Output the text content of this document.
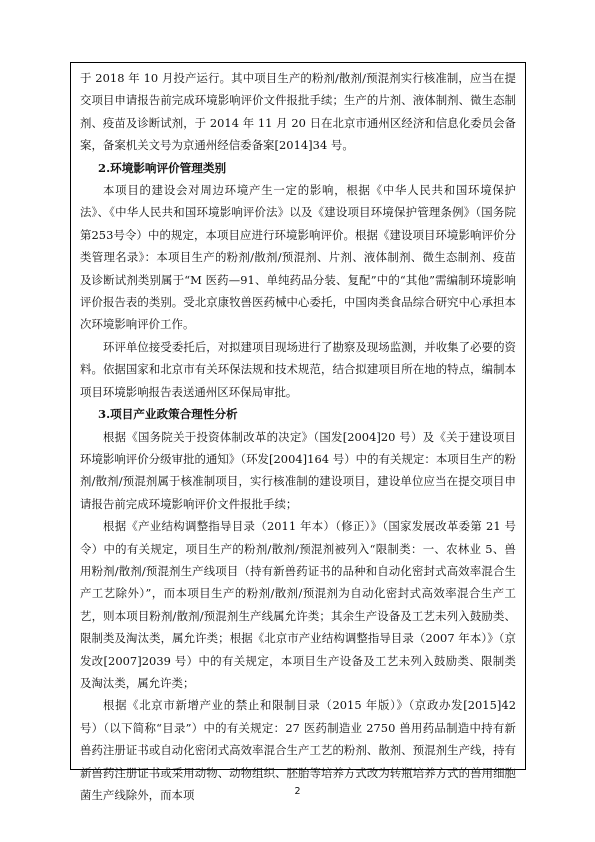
于 2018 年 10 月投产运行。其中项目生产的粉剂/散剂/预混剂实行核准制，应当在提交项目申请报告前完成环境影响评价文件报批手续；生产的片剂、液体制剂、微生态制剂、疫苗及诊断试剂，于 2014 年 11 月 20 日在北京市通州区经济和信息化委员会备案，备案机关文号为京通州经信委备案[2014]34 号。

2.环境影响评价管理类别

本项目的建设会对周边环境产生一定的影响，根据《中华人民共和国环境保护法》、《中华人民共和国环境影响评价法》以及《建设项目环境保护管理条例》（国务院第253号令）中的规定，本项目应进行环境影响评价。根据《建设项目环境影响评价分类管理名录》：本项目生产的粉剂/散剂/预混剂、片剂、液体制剂、微生态制剂、疫苗及诊断试剂类别属于“M 医药—91、单纯药品分装、复配”中的“其他”需编制环境影响评价报告表的类别。受北京康牧兽医药械中心委托，中国肉类食品综合研究中心承担本次环境影响评价工作。

环评单位接受委托后，对拟建项目现场进行了勘察及现场监测，并收集了必要的资料。依据国家和北京市有关环保法规和技术规范，结合拟建项目所在地的特点，编制本项目环境影响报告表送通州区环保局审批。

3.项目产业政策合理性分析

根据《国务院关于投资体制改革的决定》（国发[2004]20 号）及《关于建设项目环境影响评价分级审批的通知》（环发[2004]164 号）中的有关规定：本项目生产的粉剂/散剂/预混剂属于核准制项目，实行核准制的建设项目，建设单位应当在提交项目申请报告前完成环境影响评价文件报批手续；

根据《产业结构调整指导目录（2011 年本）（修正）》（国家发展改革委第 21 号令）中的有关规定，项目生产的粉剂/散剂/预混剂被列入“限制类：一、农林业 5、兽用粉剂/散剂/预混剂生产线项目（持有新兽药证书的品种和自动化密封式高效率混合生产工艺除外）”，而本项目生产的粉剂/散剂/预混剂为自动化密封式高效率混合生产工艺，则本项目粉剂/散剂/预混剂生产线属允许类；其余生产设备及工艺未列入鼓励类、限制类及淘汰类，属允许类；根据《北京市产业结构调整指导目录（2007 年本）》（京发改[2007]2039 号）中的有关规定，本项目生产设备及工艺未列入鼓励类、限制类及淘汰类，属允许类；

根据《北京市新增产业的禁止和限制目录（2015 年版）》（京政办发[2015]42 号）（以下简称“目录”）中的有关规定：27 医药制造业 2750 兽用药品制造中持有新兽药注册证书或自动化密闭式高效率混合生产工艺的粉剂、散剂、预混剂生产线，持有新兽药注册证书或采用动物、动物组织、胚胎等培养方式改为转瓶培养方式的兽用细胞菌生产线除外，而本项	2
